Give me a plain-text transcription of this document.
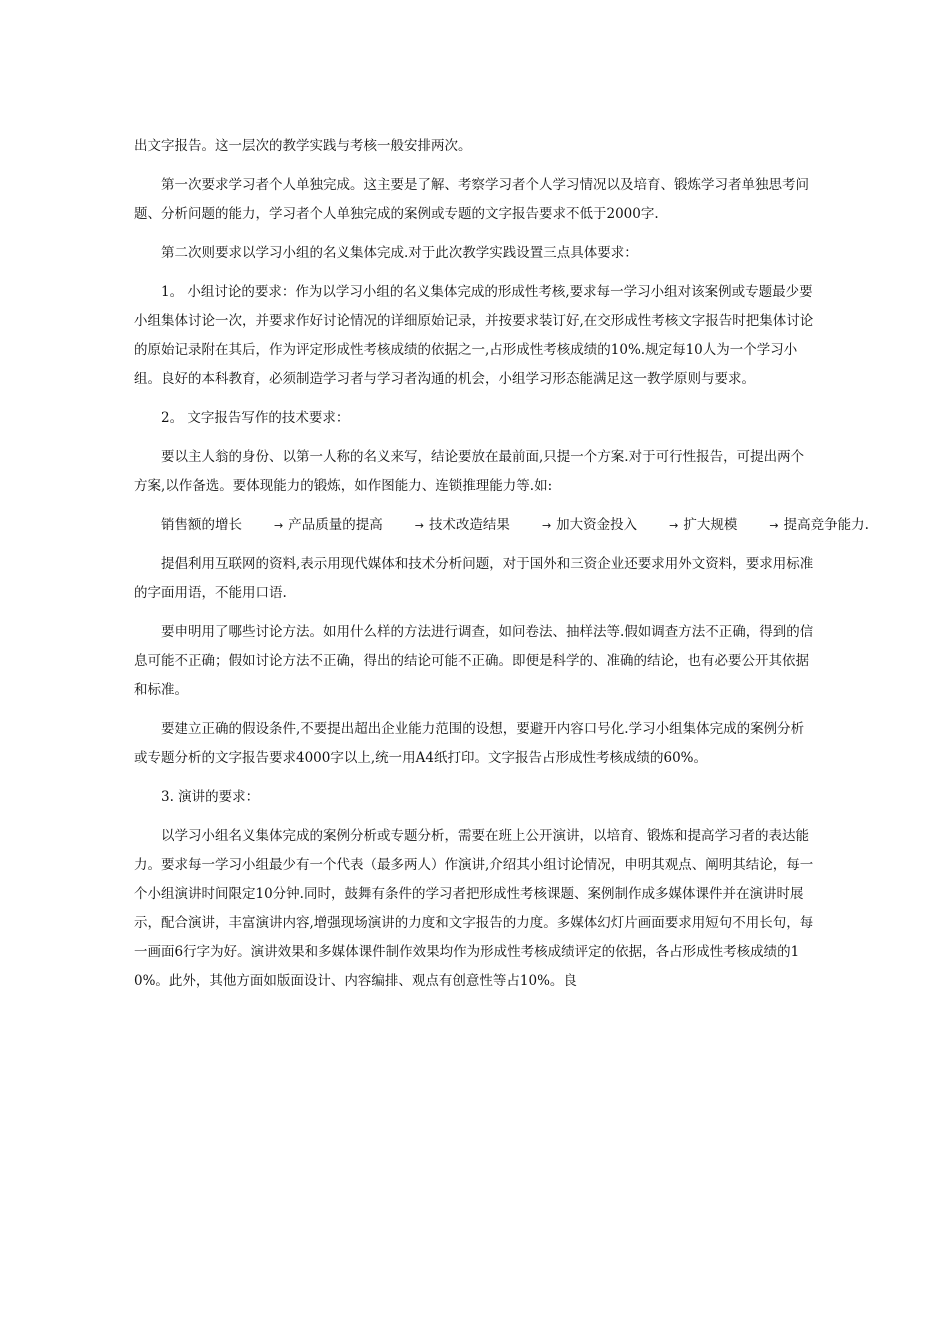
出文字报告。这一层次的教学实践与考核一般安排两次。

第一次要求学习者个人单独完成。这主要是了解、考察学习者个人学习情况以及培育、锻炼学习者单独思考问题、分析问题的能力，学习者个人单独完成的案例或专题的文字报告要求不低于2000字.

第二次则要求以学习小组的名义集体完成.对于此次教学实践设置三点具体要求：

1。 小组讨论的要求：作为以学习小组的名义集体完成的形成性考核,要求每一学习小组对该案例或专题最少要小组集体讨论一次，并要求作好讨论情况的详细原始记录，并按要求装订好,在交形成性考核文字报告时把集体讨论的原始记录附在其后，作为评定形成性考核成绩的依据之一,占形成性考核成绩的10%.规定每10人为一个学习小组。良好的本科教育，必须制造学习者与学习者沟通的机会，小组学习形态能满足这一教学原则与要求。

2。 文字报告写作的技术要求：

要以主人翁的身份、以第一人称的名义来写，结论要放在最前面,只提一个方案.对于可行性报告，可提出两个方案,以作备选。要体现能力的锻炼，如作图能力、连锁推理能力等.如:

销售额的增长	→ 产品质量的提高	→ 技术改造结果	→ 加大资金投入	→ 扩大规模	→ 提高竞争能力.

提倡利用互联网的资料,表示用现代媒体和技术分析问题，对于国外和三资企业还要求用外文资料，要求用标准的字面用语，不能用口语.

要申明用了哪些讨论方法。如用什么样的方法进行调查，如问卷法、抽样法等.假如调查方法不正确，得到的信息可能不正确；假如讨论方法不正确，得出的结论可能不正确。即便是科学的、准确的结论，也有必要公开其依据和标准。

要建立正确的假设条件,不要提出超出企业能力范围的设想，要避开内容口号化.学习小组集体完成的案例分析或专题分析的文字报告要求4000字以上,统一用A4纸打印。文字报告占形成性考核成绩的60%。

3. 演讲的要求：

以学习小组名义集体完成的案例分析或专题分析，需要在班上公开演讲，以培育、锻炼和提高学习者的表达能力。要求每一学习小组最少有一个代表（最多两人）作演讲,介绍其小组讨论情况，申明其观点、阐明其结论，每一个小组演讲时间限定10分钟.同时，鼓舞有条件的学习者把形成性考核课题、案例制作成多媒体课件并在演讲时展示，配合演讲，丰富演讲内容,增强现场演讲的力度和文字报告的力度。多媒体幻灯片画面要求用短句不用长句，每一画面6行字为好。演讲效果和多媒体课件制作效果均作为形成性考核成绩评定的依据，各占形成性考核成绩的10%。此外，其他方面如版面设计、内容编排、观点有创意性等占10%。良
